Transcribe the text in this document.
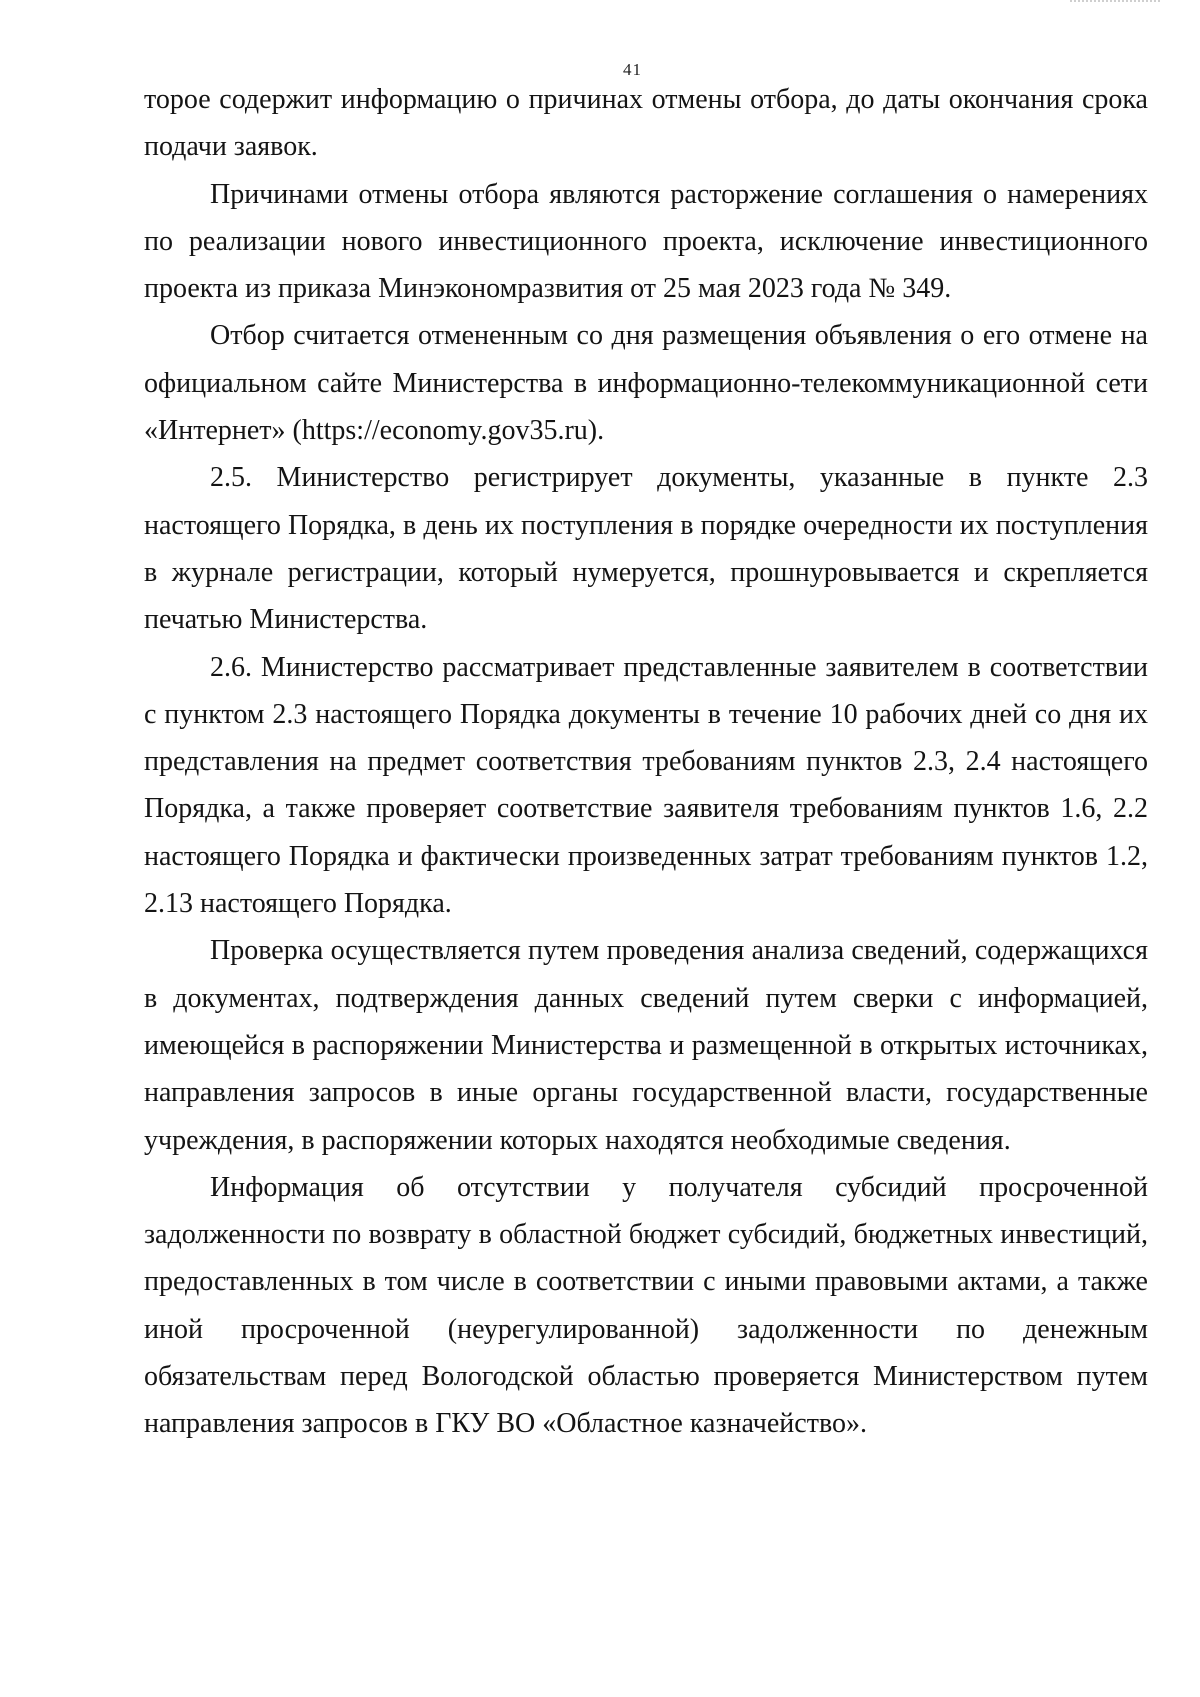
41

торое содержит информацию о причинах отмены отбора, до даты окончания срока подачи заявок.

Причинами отмены отбора являются расторжение соглашения о намерениях по реализации нового инвестиционного проекта, исключение инвестиционного проекта из приказа Минэкономразвития от 25 мая 2023 года № 349.

Отбор считается отмененным со дня размещения объявления о его отмене на официальном сайте Министерства в информационно-телекоммуникационной сети «Интернет» (https://economy.gov35.ru).

2.5. Министерство регистрирует документы, указанные в пункте 2.3 настоящего Порядка, в день их поступления в порядке очередности их поступления в журнале регистрации, который нумеруется, прошнуровывается и скрепляется печатью Министерства.

2.6. Министерство рассматривает представленные заявителем в соответствии с пунктом 2.3 настоящего Порядка документы в течение 10 рабочих дней со дня их представления на предмет соответствия требованиям пунктов 2.3, 2.4 настоящего Порядка, а также проверяет соответствие заявителя требованиям пунктов 1.6, 2.2 настоящего Порядка и фактически произведенных затрат требованиям пунктов 1.2, 2.13 настоящего Порядка.

Проверка осуществляется путем проведения анализа сведений, содержащихся в документах, подтверждения данных сведений путем сверки с информацией, имеющейся в распоряжении Министерства и размещенной в открытых источниках, направления запросов в иные органы государственной власти, государственные учреждения, в распоряжении которых находятся необходимые сведения.

Информация об отсутствии у получателя субсидий просроченной задолженности по возврату в областной бюджет субсидий, бюджетных инвестиций, предоставленных в том числе в соответствии с иными правовыми актами, а также иной просроченной (неурегулированной) задолженности по денежным обязательствам перед Вологодской областью проверяется Министерством путем направления запросов в ГКУ ВО «Областное казначейство».
